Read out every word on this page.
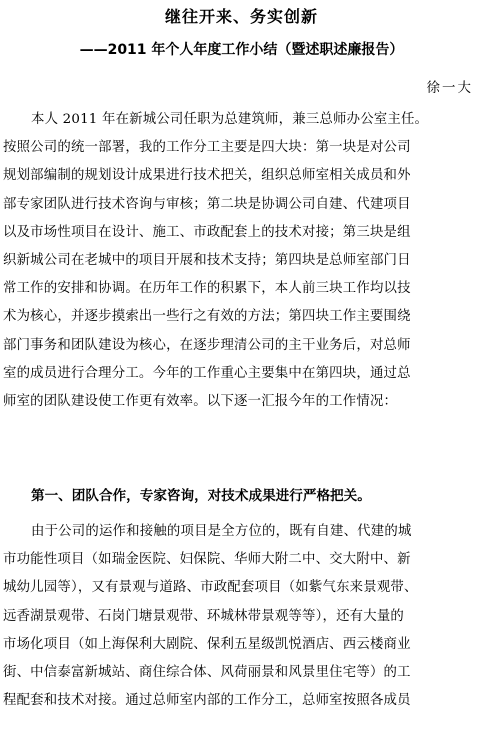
继往开来、务实创新
——2011 年个人年度工作小结（暨述职述廉报告）
徐一大
本人 2011 年在新城公司任职为总建筑师，兼三总师办公室主任。
按照公司的统一部署，我的工作分工主要是四大块：第一块是对公司
规划部编制的规划设计成果进行技术把关，组织总师室相关成员和外
部专家团队进行技术咨询与审核；第二块是协调公司自建、代建项目
以及市场性项目在设计、施工、市政配套上的技术对接；第三块是组
织新城公司在老城中的项目开展和技术支持；第四块是总师室部门日
常工作的安排和协调。在历年工作的积累下，本人前三块工作均以技
术为核心，并逐步摸索出一些行之有效的方法；第四块工作主要围绕
部门事务和团队建设为核心，在逐步理清公司的主干业务后，对总师
室的成员进行合理分工。今年的工作重心主要集中在第四块，通过总
师室的团队建设使工作更有效率。以下逐一汇报今年的工作情况：
第一、团队合作，专家咨询，对技术成果进行严格把关。
由于公司的运作和接触的项目是全方位的，既有自建、代建的城
市功能性项目（如瑞金医院、妇保院、华师大附二中、交大附中、新
城幼儿园等），又有景观与道路、市政配套项目（如紫气东来景观带、
远香湖景观带、石岗门塘景观带、环城林带景观等等），还有大量的
市场化项目（如上海保利大剧院、保利五星级凯悦酒店、西云楼商业
街、中信泰富新城站、商住综合体、风荷丽景和风景里住宅等）的工
程配套和技术对接。通过总师室内部的工作分工，总师室按照各成员
